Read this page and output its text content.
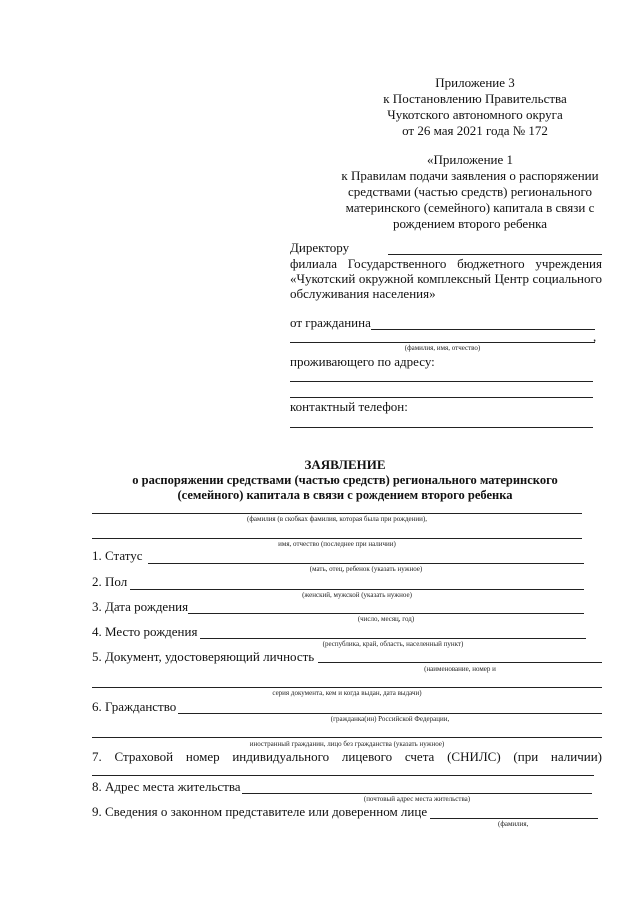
Приложение 3
к Постановлению Правительства
Чукотского автономного округа
от 26 мая 2021 года № 172
«Приложение 1
к Правилам подачи заявления о распоряжении
средствами (частью средств) регионального
материнского (семейного) капитала в связи с
рождением второго ребенка
Директору
филиала Государственного бюджетного учреждения
«Чукотский окружной комплексный Центр социального
обслуживания населения»
от гражданина
,
(фамилия, имя, отчество)
проживающего по адресу:
контактный телефон:
ЗАЯВЛЕНИЕ
о распоряжении средствами (частью средств) регионального материнского
(семейного) капитала в связи с рождением второго ребенка
(фамилия (в скобках фамилия, которая была при рождении),
имя, отчество (последнее при наличии)
1. Статус
(мать, отец, ребенок (указать нужное)
2. Пол
(женский, мужской (указать нужное)
3. Дата рождения
(число, месяц, год)
4. Место рождения
(республика, край, область, населенный пункт)
5. Документ, удостоверяющий личность
(наименование, номер и
серия документа, кем и когда выдан, дата выдачи)
6. Гражданство
(гражданка(ин) Российской Федерации,
иностранный гражданин, лицо без гражданства (указать нужное)
7. Страховой номер индивидуального лицевого счета (СНИЛС) (при наличии)
8. Адрес места жительства
(почтовый адрес места жительства)
9. Сведения о законном представителе или доверенном лице
(фамилия,
